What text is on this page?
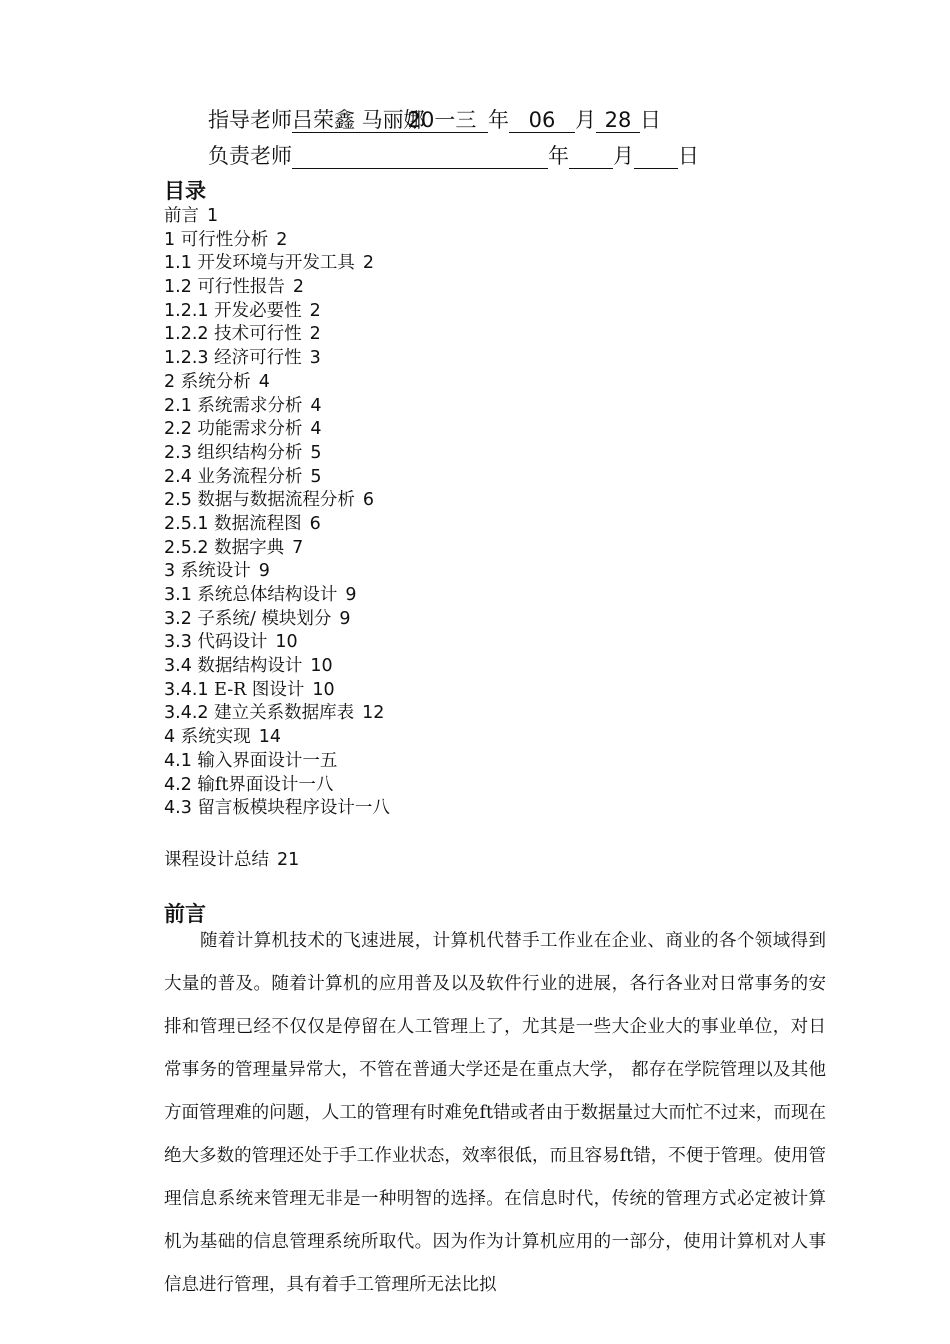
指导老师吕荣鑫 马丽娜 20一三 年 06 月 28 日
负责老师	年 月 日
目录
前言 1
1 可行性分析 2
1.1 开发环境与开发工具 2
1.2 可行性报告 2
1.2.1 开发必要性 2
1.2.2 技术可行性 2
1.2.3 经济可行性 3
2 系统分析 4
2.1 系统需求分析 4
2.2 功能需求分析 4
2.3 组织结构分析 5
2.4 业务流程分析 5
2.5 数据与数据流程分析 6
2.5.1 数据流程图 6
2.5.2 数据字典 7
3 系统设计 9
3.1 系统总体结构设计 9
3.2 子系统/ 模块划分 9
3.3 代码设计 10
3.4 数据结构设计 10
3.4.1 E-R 图设计 10
3.4.2 建立关系数据库表 12
4 系统实现 14
4.1 输入界面设计一五
4.2 输ft界面设计一八
4.3 留言板模块程序设计一八
课程设计总结 21
前言

随着计算机技术的飞速进展，计算机代替手工作业在企业、商业的各个领域得到大量的普及。随着计算机的应用普及以及软件行业的进展，各行各业对日常事务的安排和管理已经不仅仅是停留在人工管理上了，尤其是一些大企业大的事业单位，对日常事务的管理量异常大，不管在普通大学还是在重点大学， 都存在学院管理以及其他方面管理难的问题，人工的管理有时难免ft错或者由于数据量过大而忙不过来，而现在绝大多数的管理还处于手工作业状态，效率很低，而且容易ft错，不便于管理。使用管理信息系统来管理无非是一种明智的选择。在信息时代，传统的管理方式必定被计算机为基础的信息管理系统所取代。因为作为计算机应用的一部分，使用计算机对人事信息进行管理，具有着手工管理所无法比拟
